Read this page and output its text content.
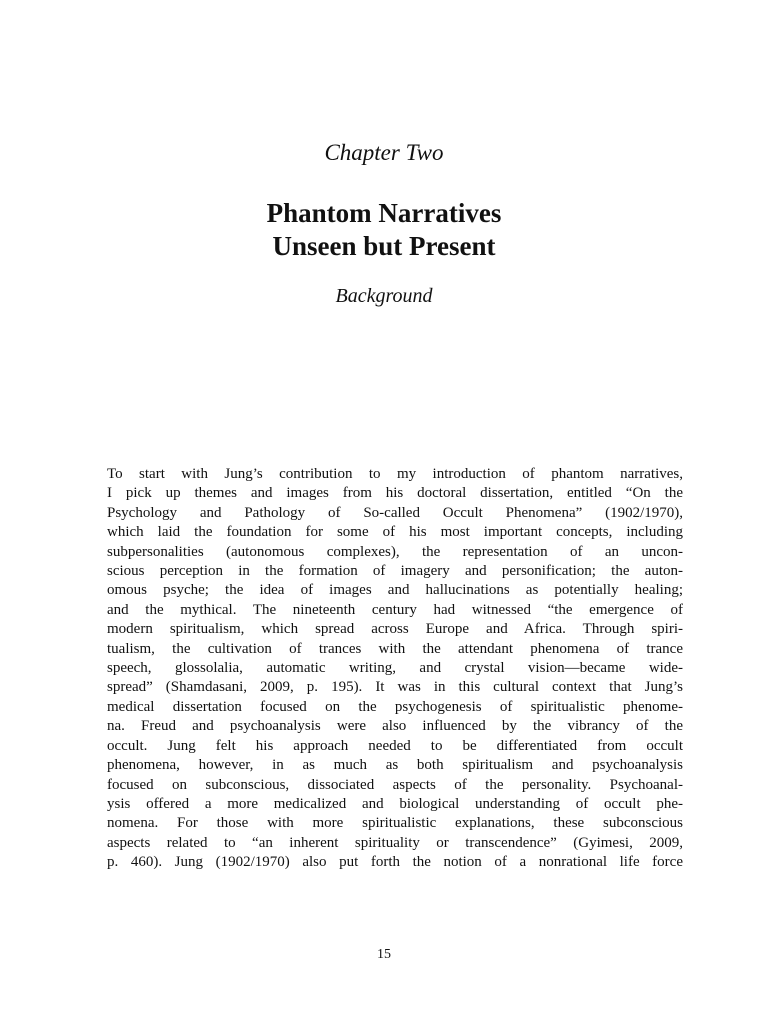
Chapter Two
Phantom Narratives
Unseen but Present
Background
To start with Jung’s contribution to my introduction of phantom narratives,
I pick up themes and images from his doctoral dissertation, entitled “On the
Psychology and Pathology of So-called Occult Phenomena” (1902/1970),
which laid the foundation for some of his most important concepts, including
subpersonalities (autonomous complexes), the representation of an uncon-
scious perception in the formation of imagery and personification; the auton-
omous psyche; the idea of images and hallucinations as potentially healing;
and the mythical. The nineteenth century had witnessed “the emergence of
modern spiritualism, which spread across Europe and Africa. Through spiri-
tualism, the cultivation of trances with the attendant phenomena of trance
speech, glossolalia, automatic writing, and crystal vision—became wide-
spread” (Shamdasani, 2009, p. 195). It was in this cultural context that Jung’s
medical dissertation focused on the psychogenesis of spiritualistic phenome-
na. Freud and psychoanalysis were also influenced by the vibrancy of the
occult. Jung felt his approach needed to be differentiated from occult
phenomena, however, in as much as both spiritualism and psychoanalysis
focused on subconscious, dissociated aspects of the personality. Psychoanal-
ysis offered a more medicalized and biological understanding of occult phe-
nomena. For those with more spiritualistic explanations, these subconscious
aspects related to “an inherent spirituality or transcendence” (Gyimesi, 2009,
p. 460). Jung (1902/1970) also put forth the notion of a nonrational life force
15
